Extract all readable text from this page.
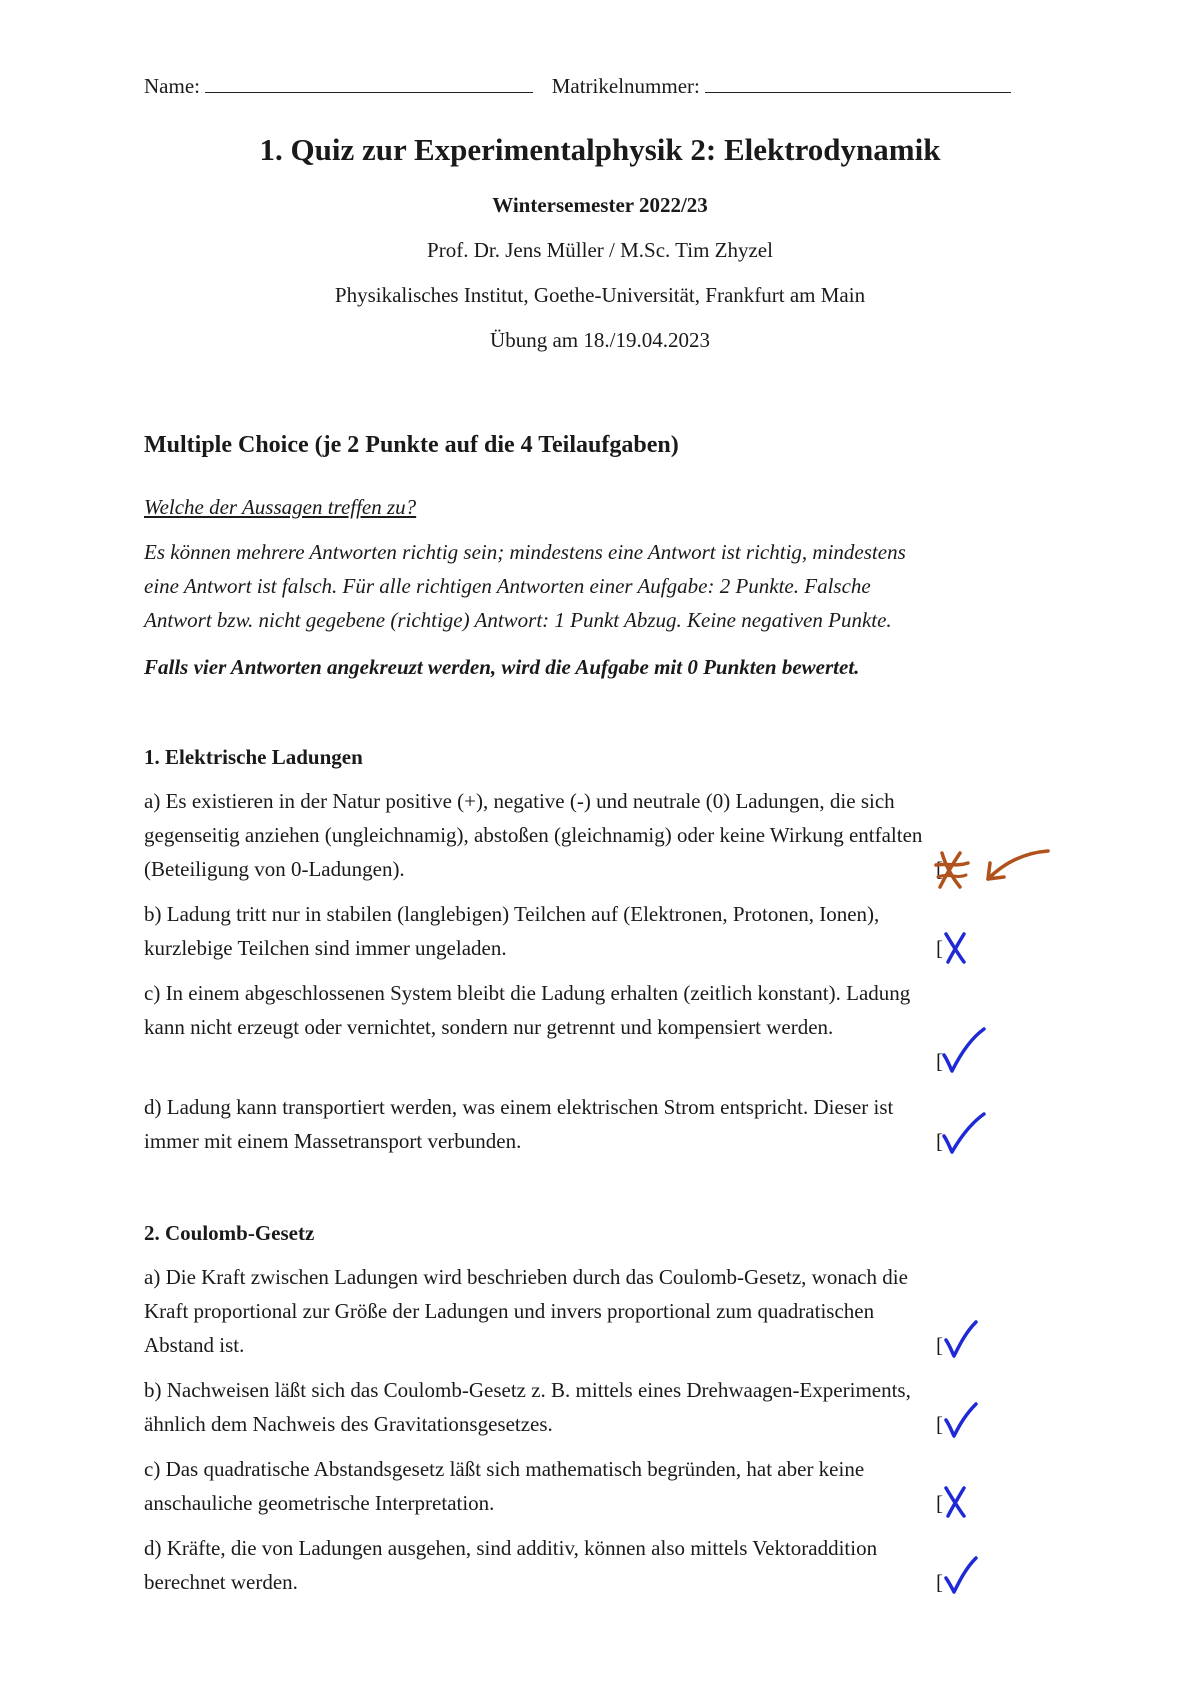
Name:	Matrikelnummer:
1. Quiz zur Experimentalphysik 2: Elektrodynamik
Wintersemester 2022/23
Prof. Dr. Jens Müller / M.Sc. Tim Zhyzel
Physikalisches Institut, Goethe-Universität, Frankfurt am Main
Übung am 18./19.04.2023
Multiple Choice (je 2 Punkte auf die 4 Teilaufgaben)
Welche der Aussagen treffen zu?
Es können mehrere Antworten richtig sein; mindestens eine Antwort ist richtig, mindestens
eine Antwort ist falsch. Für alle richtigen Antworten einer Aufgabe: 2 Punkte. Falsche
Antwort bzw. nicht gegebene (richtige) Antwort: 1 Punkt Abzug. Keine negativen Punkte.
Falls vier Antworten angekreuzt werden, wird die Aufgabe mit 0 Punkten bewertet.
1. Elektrische Ladungen
a) Es existieren in der Natur positive (+), negative (-) und neutrale (0) Ladungen, die sich
gegenseitig anziehen (ungleichnamig), abstoßen (gleichnamig) oder keine Wirkung entfalten
(Beteiligung von 0-Ladungen).	[
b) Ladung tritt nur in stabilen (langlebigen) Teilchen auf (Elektronen, Protonen, Ionen),
kurzlebige Teilchen sind immer ungeladen.	[
c) In einem abgeschlossenen System bleibt die Ladung erhalten (zeitlich konstant). Ladung
kann nicht erzeugt oder vernichtet, sondern nur getrennt und kompensiert werden.
[
d) Ladung kann transportiert werden, was einem elektrischen Strom entspricht. Dieser ist
immer mit einem Massetransport verbunden.	[
2. Coulomb-Gesetz
a) Die Kraft zwischen Ladungen wird beschrieben durch das Coulomb-Gesetz, wonach die
Kraft proportional zur Größe der Ladungen und invers proportional zum quadratischen
Abstand ist.	[
b) Nachweisen läßt sich das Coulomb-Gesetz z. B. mittels eines Drehwaagen-Experiments,
ähnlich dem Nachweis des Gravitationsgesetzes.	[
c) Das quadratische Abstandsgesetz läßt sich mathematisch begründen, hat aber keine
anschauliche geometrische Interpretation.	[
d) Kräfte, die von Ladungen ausgehen, sind additiv, können also mittels Vektoraddition
berechnet werden.	[
